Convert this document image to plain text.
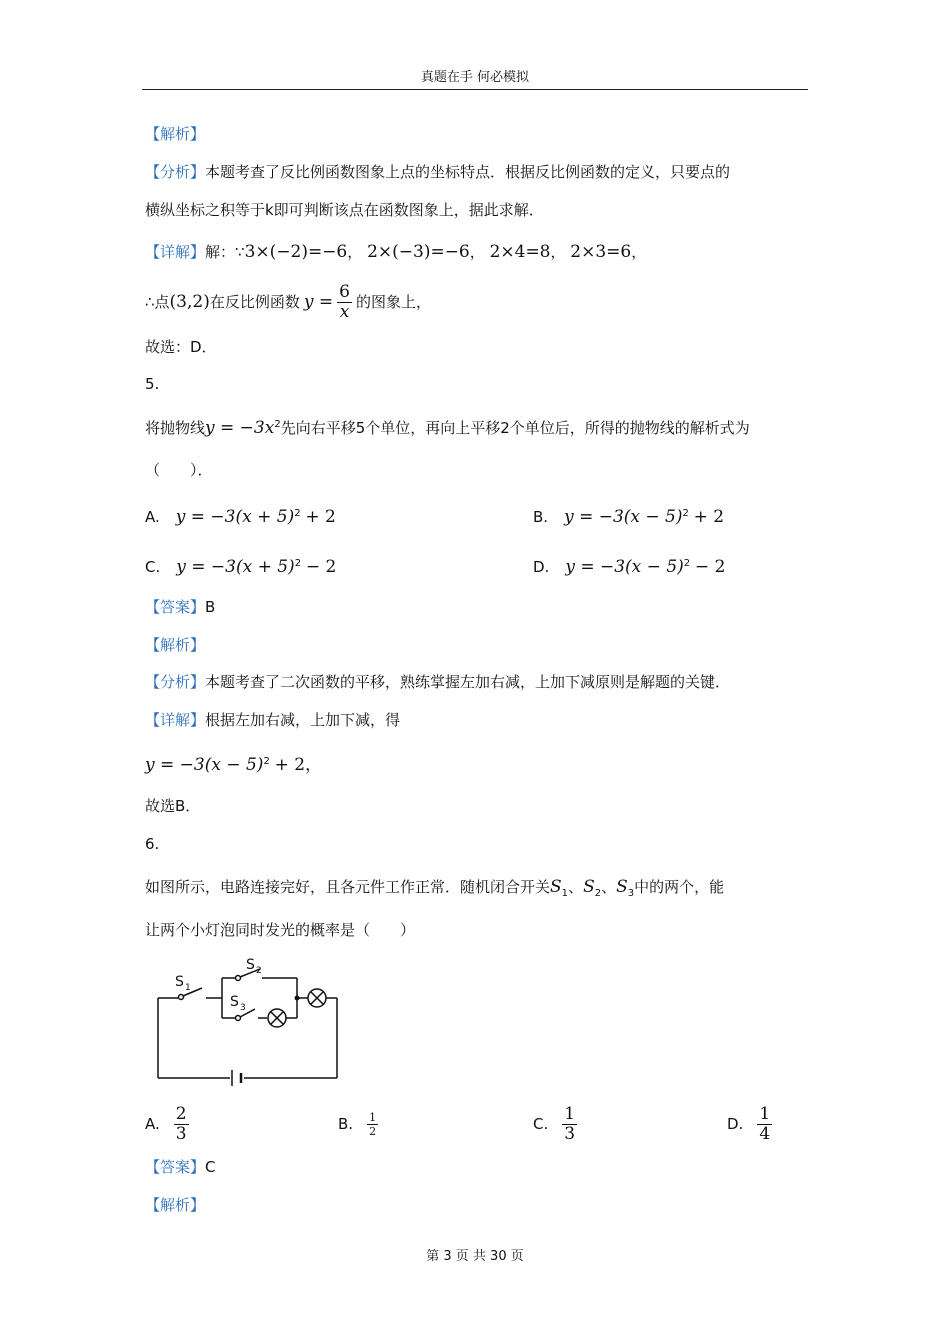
真题在手 何必模拟
【解析】
【分析】本题考查了反比例函数图象上点的坐标特点．根据反比例函数的定义，只要点的
横纵坐标之积等于k即可判断该点在函数图象上，据此求解．
【详解】解：∵3×(−2)=−6， 2×(−3)=−6， 2×4=8， 2×3=6，
∴点 (3,2) 在反比例函数 $y = \frac{6}{x}$ 的图象上，
故选：D．
5.
将抛物线$y = -3x^2$先向右平移5个单位，再向上平移2个单位后，所得的抛物线的解析式为
（　　）．
A. $y = -3(x + 5)^2 + 2$	B. $y = -3(x - 5)^2 + 2$
C. $y = -3(x + 5)^2 - 2$	D. $y = -3(x - 5)^2 - 2$
【答案】B
【解析】
【分析】本题考查了二次函数的平移，熟练掌握左加右减，上加下减原则是解题的关键．
【详解】根据左加右减，上加下减，得
$y = -3(x - 5)^2 + 2$，
故选B．
6.
如图所示，电路连接完好，且各元件工作正常．随机闭合开关$S_1$、$S_2$、$S_3$中的两个，能
让两个小灯泡同时发光的概率是（　　）
S 1
S 2
S 3
A. $\frac{2}{3}$	B. $\frac{1}{2}$	C. $\frac{1}{3}$	D. $\frac{1}{4}$
【答案】C
【解析】
第 3 页 共 30 页
